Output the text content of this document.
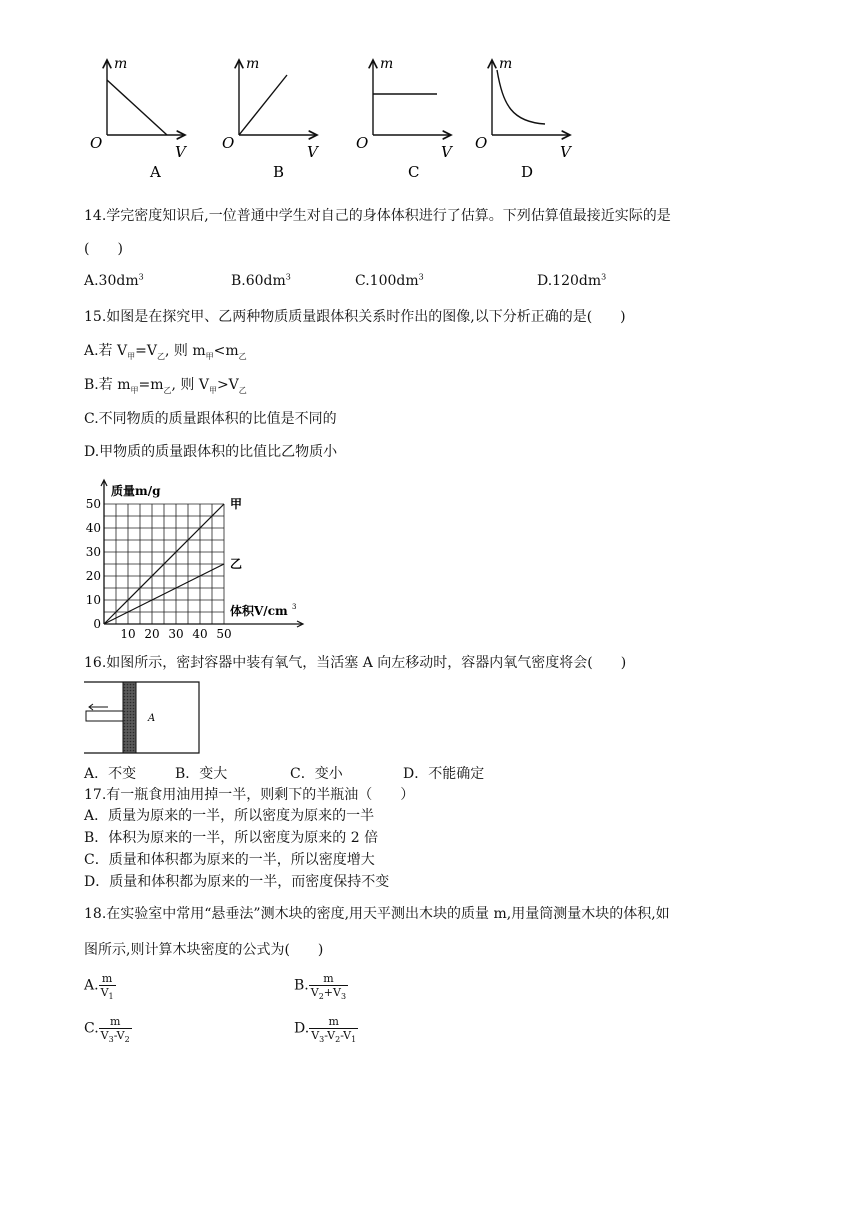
m
O	V
A
m
O	V
B
m
O	V
C
m
O	V
D
14.学完密度知识后,一位普通中学生对自己的身体体积进行了估算。下列估算值最接近实际的是
(　　)
$A.30dm^3$	$B.60dm^3$	$C.100dm^3$	$D.120dm^3$
15.如图是在探究甲、乙两种物质质量跟体积关系时作出的图像,以下分析正确的是(　　)
A.若 $V_甲=V_乙$, 则 $m_甲<m_乙$
B.若 $m_甲=m_乙$, 则 $V_甲>V_乙$
C.不同物质的质量跟体积的比值是不同的
D.甲物质的质量跟体积的比值比乙物质小
10 20 30 40 50
10
20
30
40
50
0
质量m/g
体积V/cm 3
甲
乙
16.如图所示，密封容器中装有氧气，当活塞 A 向左移动时，容器内氧气密度将会(　　)
A
A．不变	B．变大	C．变小	D．不能确定
17.有一瓶食用油用掉一半，则剩下的半瓶油（　　）
A．质量为原来的一半，所以密度为原来的一半
B．体积为原来的一半，所以密度为原来的 2 倍
C．质量和体积都为原来的一半，所以密度增大
D．质量和体积都为原来的一半，而密度保持不变
18.在实验室中常用“悬垂法”测木块的密度,用天平测出木块的质量 m,用量筒测量木块的体积,如
图所示,则计算木块密度的公式为(　　)
A. $\frac{m}{V_1}$	B. $\frac{m}{V_2+V_3}$
C. $\frac{m}{V_3-V_2}$	D. $\frac{m}{V_3-V_2-V_1}$
